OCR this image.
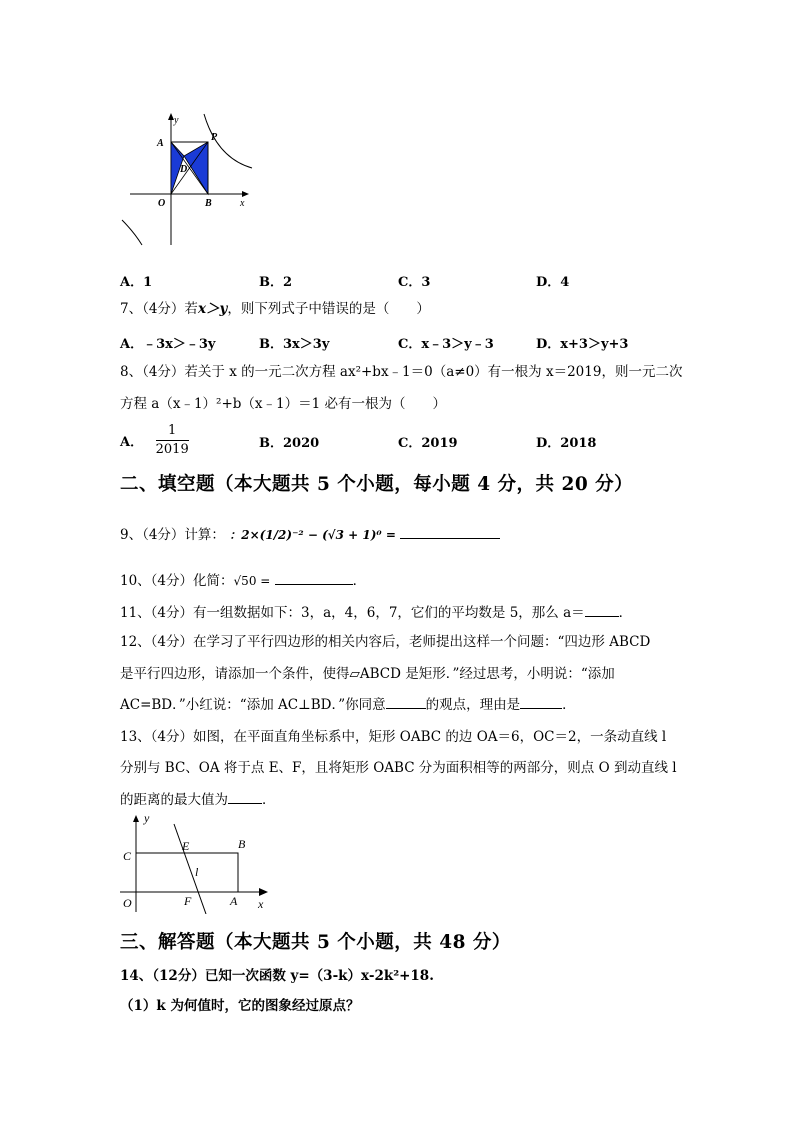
y
P
A
D
O	B	x
A．1	B．2	C．3	D．4
7、（4分）若x＞y，则下列式子中错误的是（　　）
A．﹣3x＞﹣3y	B．3x＞3y	C．x﹣3＞y﹣3	D．x+3＞y+3
8、（4分）若关于 x 的一元二次方程 ax²+bx﹣1＝0（a≠0）有一根为 x＝2019，则一元二次
方程 a（x﹣1）²+b（x﹣1）＝1 必有一根为（　　）
A． $\frac{1}{2019}$	B．2020	C．2019	D．2018
二、填空题（本大题共 5 个小题，每小题 4 分，共 20 分）
9、（4分）计算： ：2×(1/2)⁻² − (√3 + 1)⁰ =
10、（4分）化简：√50 =	．
11、（4分）有一组数据如下：3，a，4，6，7，它们的平均数是 5，那么 a＝	．
12、（4分）在学习了平行四边形的相关内容后，老师提出这样一个问题：“四边形 ABCD
是平行四边形，请添加一个条件，使得▱ABCD 是矩形．”经过思考，小明说：“添加
AC=BD．”小红说：“添加 AC⊥BD．”你同意	的观点，理由是	．
13、（4分）如图，在平面直角坐标系中，矩形 OABC 的边 OA＝6，OC＝2，一条动直线 l
分别与 BC、OA 将于点 E、F，且将矩形 OABC 分为面积相等的两部分，则点 O 到动直线 l
的距离的最大值为	．
y
E	B
C
l
O	F	A x
三、解答题（本大题共 5 个小题，共 48 分）
14、（12分）已知一次函数 y=（3-k）x-2k²+18.
（1）k 为何值时，它的图象经过原点？
